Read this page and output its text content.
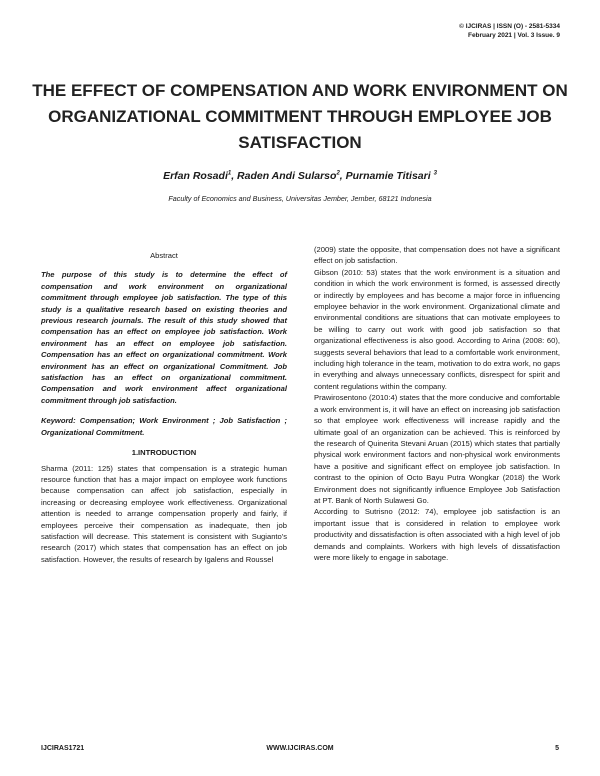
© IJCIRAS | ISSN (O) - 2581-5334
February 2021 | Vol. 3 Issue. 9
THE EFFECT OF COMPENSATION AND WORK ENVIRONMENT ON ORGANIZATIONAL COMMITMENT THROUGH EMPLOYEE JOB SATISFACTION
Erfan Rosadi$^1$, Raden Andi Sularso$^2$, Purnamie Titisari $^3$
Faculty of Economics and Business, Universitas Jember, Jember, 68121 Indonesia
Abstract

The purpose of this study is to determine the effect of compensation and work environment on organizational commitment through employee job satisfaction. The type of this study is a qualitative research based on existing theories and previous research journals. The result of this study showed that compensation has an effect on employee job satisfaction. Work environment has an effect on employee job satisfaction. Compensation has an effect on organizational commitment. Work environment has an effect on organizational Commitment. Job satisfaction has an effect on organizational commitment. Compensation and work environment affect organizational commitment through job satisfaction.

Keyword: Compensation; Work Environment ; Job Satisfaction ; Organizational Commitment.

1.INTRODUCTION

Sharma (2011: 125) states that compensation is a strategic human resource function that has a major impact on employee work functions because compensation can affect job satisfaction, especially in increasing or decreasing employee work effectiveness. Organizational attention is needed to arrange compensation properly and fairly, if employees perceive their compensation as inadequate, then job satisfaction will decrease. This statement is consistent with Sugianto's research (2017) which states that compensation has an effect on job satisfaction. However, the results of research by Igalens and Roussel

(2009) state the opposite, that compensation does not have a significant effect on job satisfaction.

Gibson (2010: 53) states that the work environment is a situation and condition in which the work environment is formed, is assessed directly or indirectly by employees and has become a major force in influencing employee behavior in the work environment. Organizational climate and environmental conditions are situations that can motivate employees to be willing to carry out work with good job satisfaction so that organizational effectiveness is also good. According to Arina (2008: 60), suggests several behaviors that lead to a comfortable work environment, including high tolerance in the team, motivation to do extra work, no gaps in everything and always unnecessary conflicts, disrespect for spirit and content regulations within the company.

Prawirosentono (2010:4) states that the more conducive and comfortable a work environment is, it will have an effect on increasing job satisfaction so that employee work effectiveness will increase rapidly and the ultimate goal of an organization can be achieved. This is reinforced by the research of Quinerita Stevani Aruan (2015) which states that partially physical work environment factors and non-physical work environments have a positive and significant effect on employee job satisfaction. In contrast to the opinion of Octo Bayu Putra Wongkar (2018) the Work Environment does not significantly influence Employee Job Satisfaction at PT. Bank of North Sulawesi Go.

According to Sutrisno (2012: 74), employee job satisfaction is an important issue that is considered in relation to employee work productivity and dissatisfaction is often associated with a high level of job demands and complaints. Workers with high levels of dissatisfaction were more likely to engage in sabotage.

IJCIRAS1721	WWW.IJCIRAS.COM	5
